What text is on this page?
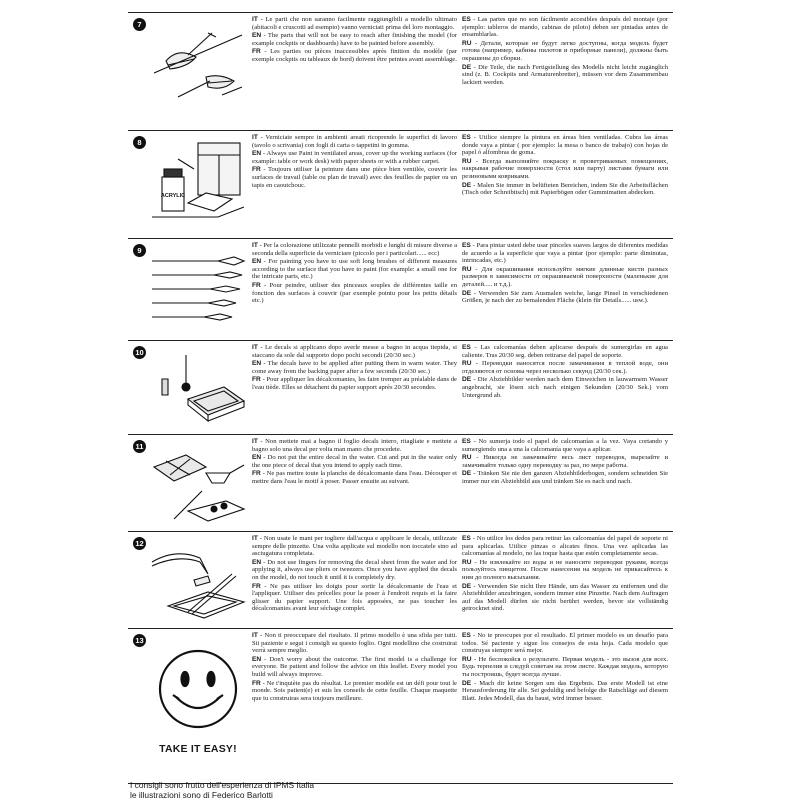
7

IT - Le parti che non saranno facilmente raggiungibili a modello ultimato (abitacoli e cruscotti ad esempio) vanno verniciati prima del loro montaggio.

EN - The parts that will not be easy to reach after finishing the model (for example cockpits or dashboards) have to be painted before assembly.

FR - Les parties ou pièces inaccessibles après finition du modèle (par exemple cockpits ou tableaux de bord) doivent être peintes avant assemblage.

ES - Las partes que no son fácilmente accesibles después del montaje (por ejemplo: tableros de mando, cabinas de piloto) deben ser pintadas antes de ensamblarlas.

RU - Детали, которые не будут легко доступны, когда модель будет готова (например, кабины пилотов и приборные панели), должны быть окрашены до сборки.

DE - Die Teile, die nach Fertigstellung des Modells nicht leicht zugänglich sind (z. B. Cockpits und Armaturenbretter), müssen vor dem Zusammenbau lackiert werden.

8
ACRYLIC

IT - Verniciate sempre in ambienti areati ricoprendo le superfici di lavoro (tavolo o scrivania) con fogli di carta o tappetini in gomma.

EN - Always use Paint in ventilated areas, cover up the working surfaces (for example: table or work desk) with paper sheets or with a rubber carpet.

FR - Toujours utiliser la peinture dans une pièce bien ventilée, couvrir les surfaces de travail (table ou plan de travail) avec des feuilles de papier ou un tapis en caoutchouc.

ES - Utilice siempre la pintura en áreas bien ventiladas. Cubra las áreas donde vaya a pintar ( por ejemplo: la mesa o banco de trabajo) con hojas de papel ó alfombras de goma.

RU - Всегда выполняйте покраску в проветриваемых помещениях, накрывая рабочие поверхности (стол или парту) листами бумаги или резиновыми ковриками.

DE - Malen Sie immer in belüfteten Bereichen, indem Sie die Arbeitsflächen (Tisch oder Schreibtisch) mit Papierbögen oder Gummimatten abdecken.

9

IT - Per la colorazione utilizzate pennelli morbidi e lunghi di misure diverse a seconda della superficie da verniciare (piccolo per i particolari...... ecc)

EN - For painting you have to use soft long brushes of different measures according to the surface that you have to paint (for example: a small one for the intricate parts, etc.)

FR - Pour peindre, utiliser des pinceaux souples de différentes taille en fonction des surfaces à couvrir (par exemple pointu pour les petits détails etc.)

ES - Para pintar usted debe usar pinceles suaves largos de diferentes medidas de acuerdo a la superficie que vaya a pintar (por ejemplo: parte diminutas, intrincadas, etc.)

RU - Для окрашивания используйте мягкие длинные кисти разных размеров в зависимости от окрашиваемой поверхности (маленькие для деталей..... и т.д.).

DE - Verwenden Sie zum Ausmalen weiche, lange Pinsel in verschiedenen Größen, je nach der zu bemalenden Fläche (klein für Details...... usw.).

10

IT - Le decals si applicano dopo averle messe a bagno in acqua tiepida, si staccano da sole dal supporto dopo pochi secondi (20/30 sec.)

EN - The decals have to be applied after putting them in warm water. They come away from the backing paper after a few seconds (20/30 sec.)

FR - Pour appliquer les décalcomanies, les faire tremper au préalable dans de l'eau tiède. Elles se détachent du papier support après 20/30 secondes.

ES - Las calcomanías deben aplicarse después de sumergirlas en agua caliente. Tras 20/30 seg. deben retirarse del papel de soporte.

RU - Переводки наносятся после замачивания в теплой воде, они отделяются от основы через несколько секунд (20/30 сек.).

DE - Die Abziehbilder werden nach dem Einweichen in lauwarmem Wasser angebracht, sie lösen sich nach einigen Sekunden (20/30 Sek.) vom Untergrund ab.

11

IT - Non mettete mai a bagno il foglio decals intero, ritagliate e mettete a bagno solo una decal per volta man mano che procedete.

EN - Do not put the entire decal in the water. Cut and put in the water only the one piece of decal that you intend to apply each time.

FR - Ne pas mettre toute la planche de décalcomanie dans l'eau. Découper et mettre dans l'eau le motif à poser. Passer ensuite au suivant.

ES - No sumerja todo el papel de calcomanías a la vez. Vaya cortando y sumergiendo una a una la calcomanía que vaya a aplicar.

RU - Никогда не замачивайте весь лист переводок, вырезайте и замачивайте только одну переводку за раз, по мере работы.

DE - Tränken Sie nie den ganzen Abziehbilderbogen, sondern schneiden Sie immer nur ein Abziehbild aus und tränken Sie es nach und nach.

12

IT - Non usate le mani per togliere dall'acqua e applicare le decals, utilizzate sempre delle pinzette. Una volta applicate sul modello non toccatele sino ad asciugatura completata.

EN - Do not use fingers for removing the decal sheet from the water and for applying it, always use pliers or tweezers. Once you have applied the decals on the model, do not touch it until it is completely dry.

FR - Ne pas utiliser les doigts pour sortir la décalcomanie de l'eau et l'appliquer. Utiliser des précelles pour la poser à l'endroit requis et la faire glisser du papier support. Une fois apposées, ne pas toucher les décalcomanies avant leur séchage complet.

ES - No utilice los dedos para retirar las calcomanías del papel de soporte ni para aplicarlas. Utilice pinzas o alicates finos. Una vez aplicadas las calcomanías al modelo, no las toque hasta que estén completamente secas.

RU - Не извлекайте из воды и не наносите переводки руками, всегда пользуйтесь пинцетом. После нанесения на модель не прикасайтесь к ним до полного высыхания.

DE - Verwenden Sie nicht Ihre Hände, um das Wasser zu entfernen und die Abziehbilder anzubringen, sondern immer eine Pinzette. Nach dem Auftragen auf das Modell dürfen sie nicht berührt werden, bevor sie vollständig getrocknet sind.

13
TAKE IT EASY!

IT - Non ti preoccupare del risultato. Il primo modello è una sfida per tutti. Sii paziente e segui i consigli su questo foglio. Ogni modellino che costruirai verrà sempre meglio.

EN - Don't worry about the outcome. The first model is a challenge for everyone. Be patient and follow the advice on this leaflet. Every model you build will always improve.

FR - Ne t'inquiète pas du résultat. Le premier modèle est un défi pour tout le monde. Sois patient(e) et suis les conseils de cette feuille. Chaque maquette que tu construiras sera toujours meilleure.

ES - No te preocupes por el resultado. El primer modelo es un desafío para todos. Sé paciente y sigue los consejos de esta hoja. Cada modelo que construyas siempre será mejor.

RU - Не беспокойся о результате. Первая модель - это вызов для всех. Будь терпелив и следуй советам на этом листе. Каждая модель, которую ты построишь, будет всегда лучше.

DE - Mach dir keine Sorgen um das Ergebnis. Das erste Modell ist eine Herausforderung für alle. Sei geduldig und befolge die Ratschläge auf diesem Blatt. Jedes Modell, das du baust, wird immer besser.

I consigli sono frutto dell'esperienza di IPMS Italia
le illustrazioni sono di Federico Barlotti
